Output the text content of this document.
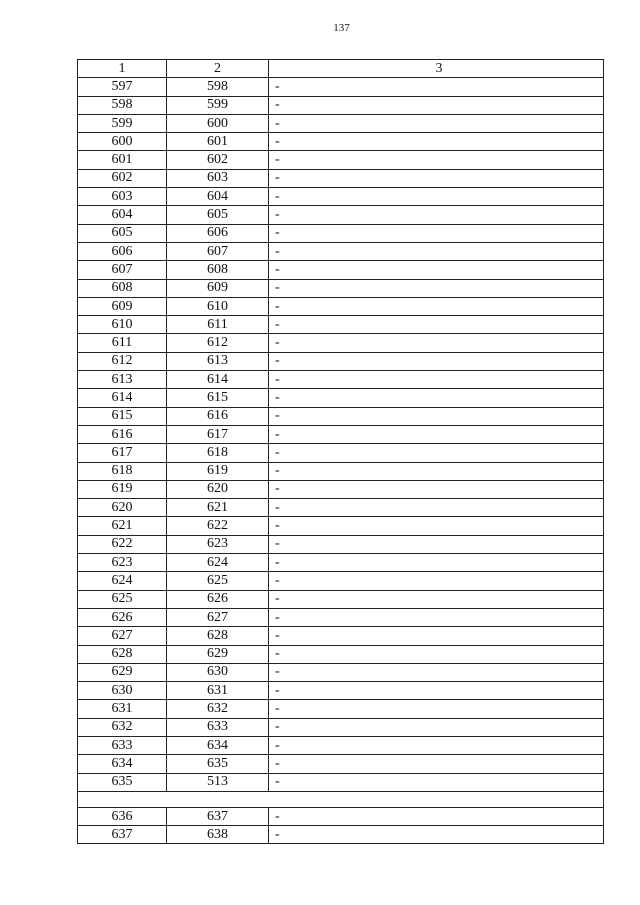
137
1	2	3
597	598	-
598	599	-
599	600	-
600	601	-
601	602	-
602	603	-
603	604	-
604	605	-
605	606	-
606	607	-
607	608	-
608	609	-
609	610	-
610	611	-
611	612	-
612	613	-
613	614	-
614	615	-
615	616	-
616	617	-
617	618	-
618	619	-
619	620	-
620	621	-
621	622	-
622	623	-
623	624	-
624	625	-
625	626	-
626	627	-
627	628	-
628	629	-
629	630	-
630	631	-
631	632	-
632	633	-
633	634	-
634	635	-
635	513	-

636	637	-
637	638	-
